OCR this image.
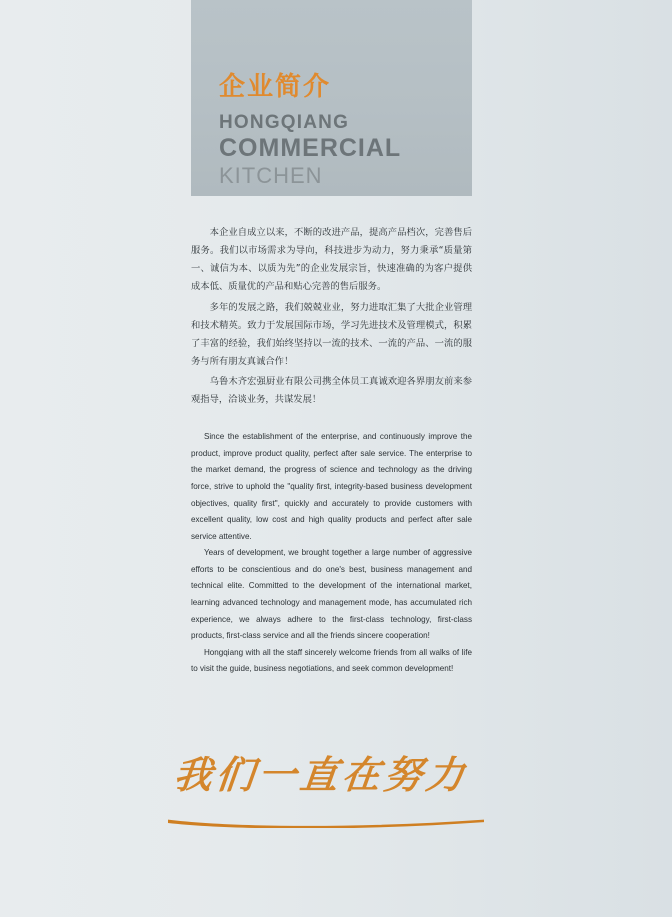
企业简介
HONGQIANG
COMMERCIAL
KITCHEN

本企业自成立以来，不断的改进产品，提高产品档次，完善售后服务。我们以市场需求为导向，科技进步为动力，努力秉承“质量第一、诚信为本、以质为先”的企业发展宗旨，快速准确的为客户提供成本低、质量优的产品和贴心完善的售后服务。

多年的发展之路，我们兢兢业业，努力进取汇集了大批企业管理和技术精英。致力于发展国际市场，学习先进技术及管理模式，积累了丰富的经验，我们始终坚持以一流的技术、一流的产品、一流的服务与所有朋友真诚合作！

乌鲁木齐宏强厨业有限公司携全体员工真诚欢迎各界朋友前来参观指导，洽谈业务，共谋发展！

Since the establishment of the enterprise, and continuously improve the product, improve product quality, perfect after sale service. The enterprise to the market demand, the progress of science and technology as the driving force, strive to uphold the "quality first, integrity-based business development objectives, quality first", quickly and accurately to provide customers with excellent quality, low cost and high quality products and perfect after sale service attentive.

Years of development, we brought together a large number of aggressive efforts to be conscientious and do one's best, business management and technical elite. Committed to the development of the international market, learning advanced technology and management mode, has accumulated rich experience, we always adhere to the first-class technology, first-class products, first-class service and all the friends sincere cooperation!

Hongqiang with all the staff sincerely welcome friends from all walks of life to visit the guide, business negotiations, and seek common development!

我们一直在努力
